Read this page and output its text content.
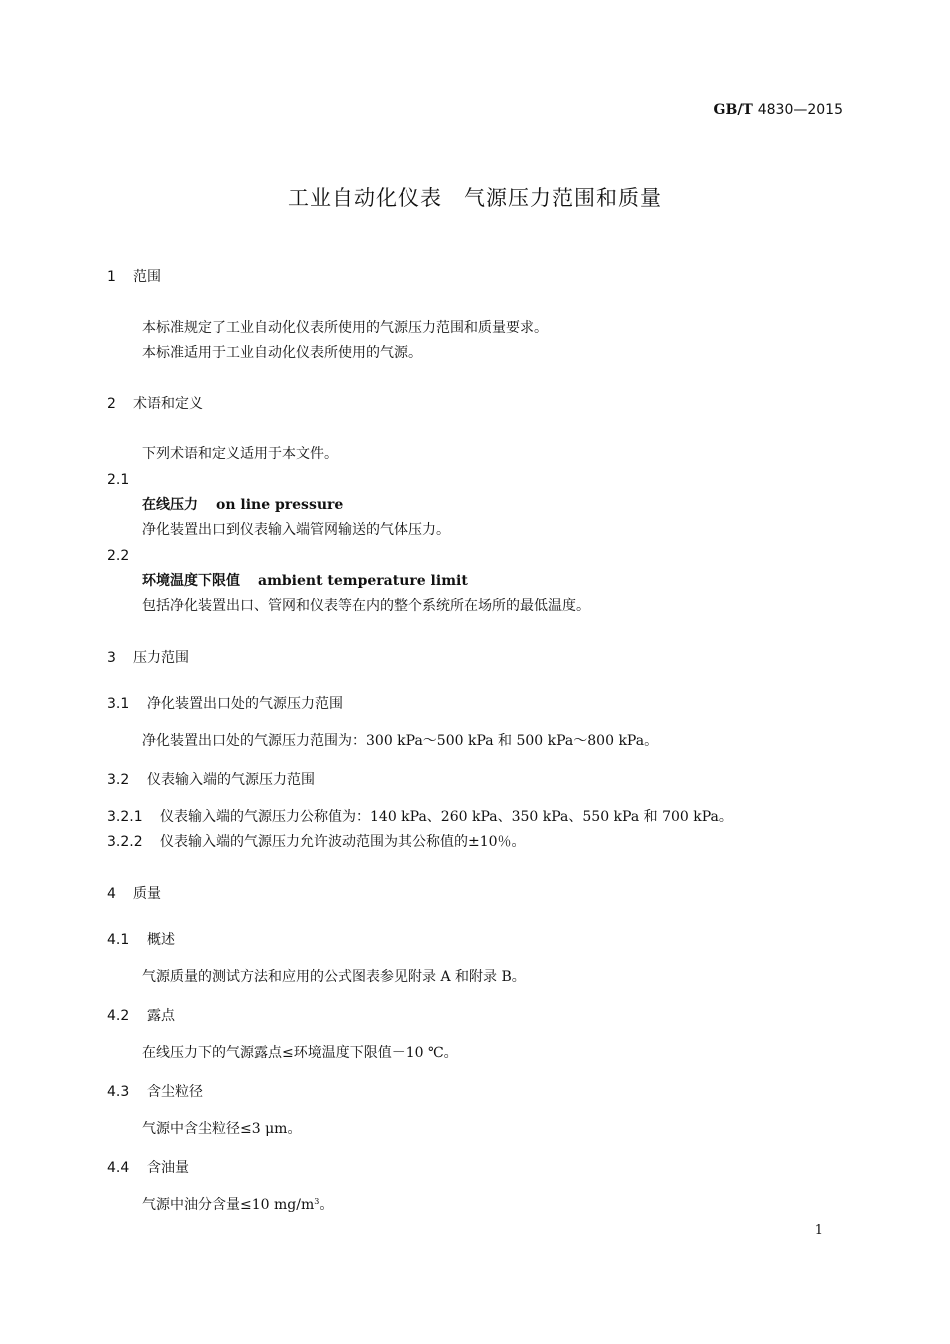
GB/T 4830—2015
工业自动化仪表　气源压力范围和质量
1 范围
本标准规定了工业自动化仪表所使用的气源压力范围和质量要求。
本标准适用于工业自动化仪表所使用的气源。
2 术语和定义
下列术语和定义适用于本文件。
2.1
在线压力 on line pressure
净化装置出口到仪表输入端管网输送的气体压力。
2.2
环境温度下限值 ambient temperature limit
包括净化装置出口、管网和仪表等在内的整个系统所在场所的最低温度。
3 压力范围
3.1 净化装置出口处的气源压力范围
净化装置出口处的气源压力范围为：300 kPa～500 kPa 和 500 kPa～800 kPa。
3.2 仪表输入端的气源压力范围
3.2.1 仪表输入端的气源压力公称值为：140 kPa、260 kPa、350 kPa、550 kPa 和 700 kPa。
3.2.2 仪表输入端的气源压力允许波动范围为其公称值的±10％。
4 质量
4.1 概述
气源质量的测试方法和应用的公式图表参见附录 A 和附录 B。
4.2 露点
在线压力下的气源露点≤环境温度下限值－10 ℃。
4.3 含尘粒径
气源中含尘粒径≤3 μm。
4.4 含油量
气源中油分含量≤10 $mg/m^3$。
1
